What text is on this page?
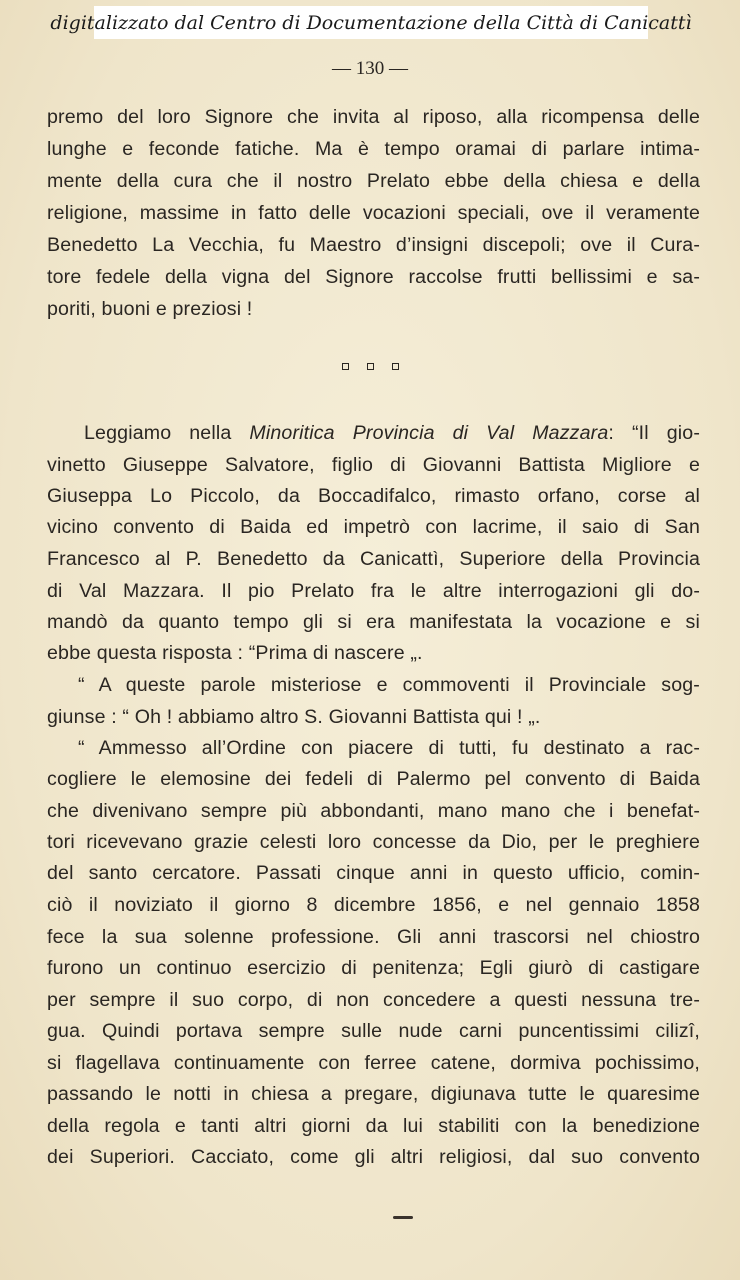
digitalizzato dal Centro di Documentazione della Città di Canicattì
— 130 —
premo del loro Signore che invita al riposo, alla ricompensa delle
lunghe e feconde fatiche. Ma è tempo oramai di parlare intima-
mente della cura che il nostro Prelato ebbe della chiesa e della
religione, massime in fatto delle vocazioni speciali, ove il veramente
Benedetto La Vecchia, fu Maestro d’insigni discepoli; ove il Cura-
tore fedele della vigna del Signore raccolse frutti bellissimi e sa-
poriti, buoni e preziosi !
Leggiamo nella Minoritica Provincia di Val Mazzara: “Il gio-
vinetto Giuseppe Salvatore, figlio di Giovanni Battista Migliore e
Giuseppa Lo Piccolo, da Boccadifalco, rimasto orfano, corse al
vicino convento di Baida ed impetrò con lacrime, il saio di San
Francesco al P. Benedetto da Canicattì, Superiore della Provincia
di Val Mazzara. Il pio Prelato fra le altre interrogazioni gli do-
mandò da quanto tempo gli si era manifestata la vocazione e si
ebbe questa risposta : “Prima di nascere „.
“ A queste parole misteriose e commoventi il Provinciale sog-
giunse : “ Oh ! abbiamo altro S. Giovanni Battista qui ! „.
“ Ammesso all’Ordine con piacere di tutti, fu destinato a rac-
cogliere le elemosine dei fedeli di Palermo pel convento di Baida
che divenivano sempre più abbondanti, mano mano che i benefat-
tori ricevevano grazie celesti loro concesse da Dio, per le preghiere
del santo cercatore. Passati cinque anni in questo ufficio, comin-
ciò il noviziato il giorno 8 dicembre 1856, e nel gennaio 1858
fece la sua solenne professione. Gli anni trascorsi nel chiostro
furono un continuo esercizio di penitenza; Egli giurò di castigare
per sempre il suo corpo, di non concedere a questi nessuna tre-
gua. Quindi portava sempre sulle nude carni puncentissimi cilizî,
si flagellava continuamente con ferree catene, dormiva pochissimo,
passando le notti in chiesa a pregare, digiunava tutte le quaresime
della regola e tanti altri giorni da lui stabiliti con la benedizione
dei Superiori. Cacciato, come gli altri religiosi, dal suo convento
